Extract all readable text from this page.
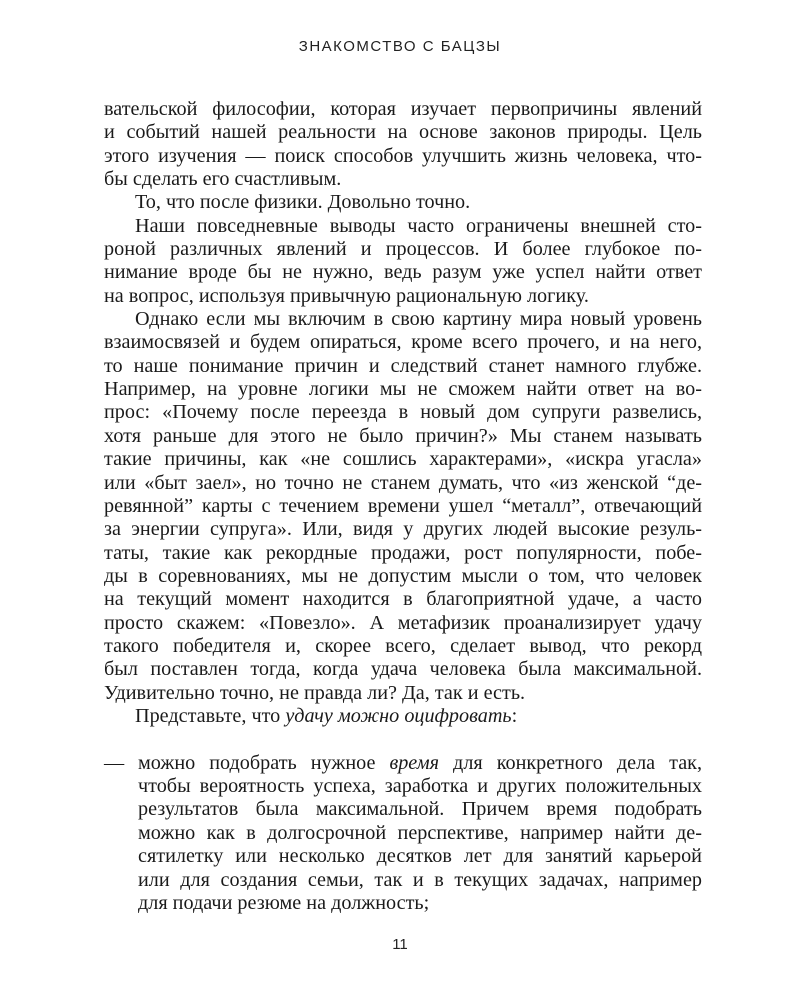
ЗНАКОМСТВО С БАЦЗЫ
вательской философии, которая изучает первопричины явлений
и событий нашей реальности на основе законов природы. Цель
этого изучения — поиск способов улучшить жизнь человека, что-
бы сделать его счастливым.
То, что после физики. Довольно точно.
Наши повседневные выводы часто ограничены внешней сто-
роной различных явлений и процессов. И более глубокое по-
нимание вроде бы не нужно, ведь разум уже успел найти ответ
на вопрос, используя привычную рациональную логику.
Однако если мы включим в свою картину мира новый уровень
взаимосвязей и будем опираться, кроме всего прочего, и на него,
то наше понимание причин и следствий станет намного глубже.
Например, на уровне логики мы не сможем найти ответ на во-
прос: «Почему после переезда в новый дом супруги развелись,
хотя раньше для этого не было причин?» Мы станем называть
такие причины, как «не сошлись характерами», «искра угасла»
или «быт заел», но точно не станем думать, что «из женской “де-
ревянной” карты с течением времени ушел “металл”, отвечающий
за энергии супруга». Или, видя у других людей высокие резуль-
таты, такие как рекордные продажи, рост популярности, побе-
ды в соревнованиях, мы не допустим мысли о том, что человек
на текущий момент находится в благоприятной удаче, а часто
просто скажем: «Повезло». А метафизик проанализирует удачу
такого победителя и, скорее всего, сделает вывод, что рекорд
был поставлен тогда, когда удача человека была максимальной.
Удивительно точно, не правда ли? Да, так и есть.
Представьте, что удачу можно оцифровать:
— можно подобрать нужное время для конкретного дела так,
чтобы вероятность успеха, заработка и других положительных
результатов была максимальной. Причем время подобрать
можно как в долгосрочной перспективе, например найти де-
сятилетку или несколько десятков лет для занятий карьерой
или для создания семьи, так и в текущих задачах, например
для подачи резюме на должность;
11
